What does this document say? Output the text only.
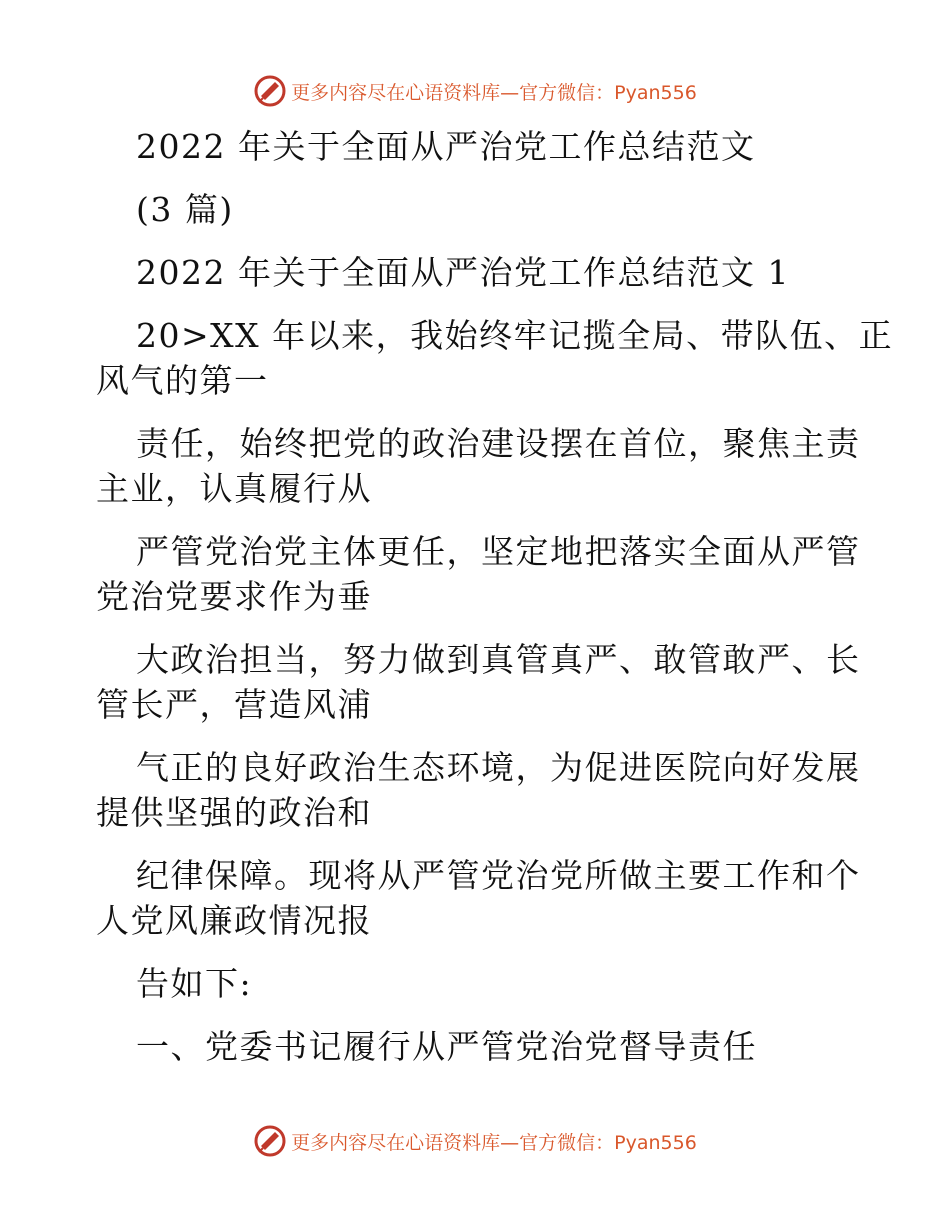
更多内容尽在心语资料库—官方微信：Pyan556
2022 年关于全面从严治党工作总结范文
(3 篇)
2022 年关于全面从严治党工作总结范文 1
20>XX 年以来，我始终牢记揽全局、带队伍、正
风气的第一
责任，始终把党的政治建设摆在首位，聚焦主责
主业，认真履行从
严管党治党主体更任，坚定地把落实全面从严管
党治党要求作为垂
大政治担当，努力做到真管真严、敢管敢严、长
管长严，营造风浦
气正的良好政治生态环境，为促进医院向好发展
提供坚强的政治和
纪律保障。现将从严管党治党所做主要工作和个
人党风廉政情况报
告如下:
一、党委书记履行从严管党治党督导责任
更多内容尽在心语资料库—官方微信：Pyan556
